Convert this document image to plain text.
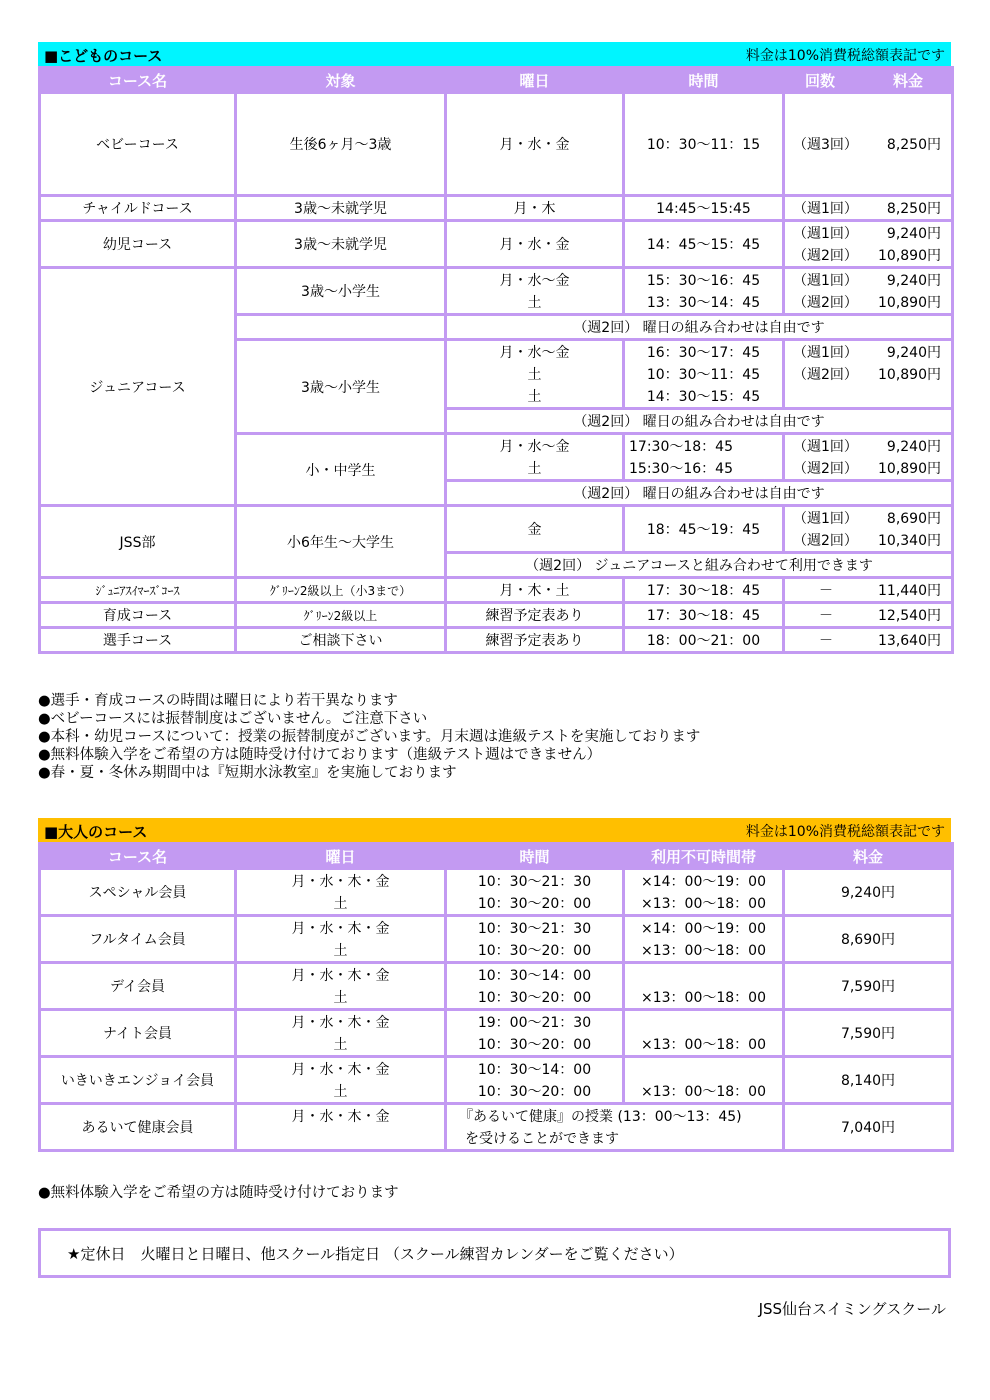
■こどものコース	料金は10%消費税総額表記です
コース名	対象	曜日	時間	回数 料金

ベビーコース	生後6ヶ月～3歳	月・水・金	10：30～11：15	（週3回） 8,250円

チャイルドコース	3歳～未就学児	月・木	14:45～15:45	（週1回） 8,250円

幼児コース	3歳～未就学児	月・水・金	14：45～15：45	（週1回） 9,240円

				（週2回） 10,890円

ジュニアコース	3歳～小学生	月・水～金	15：30～16：45	（週1回） 9,240円

		土	13：30～14：45	（週2回） 10,890円

		（週2回） 曜日の組み合わせは自由です		
	3歳～小学生	月・水～金	16：30～17：45	（週1回） 9,240円

		土	10：30～11：45	（週2回） 10,890円

		土	14：30～15：45	
		（週2回） 曜日の組み合わせは自由です		
	小・中学生	月・水～金	17:30～18：45	（週1回） 9,240円

		土	15:30～16：45	（週2回） 10,890円

		（週2回） 曜日の組み合わせは自由です		
JSS部	小6年生～大学生	金	18：45～19：45	（週1回） 8,690円

				（週2回） 10,340円

		（週2回） ジュニアコースと組み合わせて利用できます		
ｼﾞｭﾆｱｽｲﾏｰｽﾞｺｰｽ	ｸﾞﾘｰﾝ2級以上（小3まで）	月・木・土	17：30～18：45	－ 11,440円

育成コース	ｸﾞﾘｰﾝ2級以上	練習予定表あり	17：30～18：45	－ 12,540円

選手コース	ご相談下さい	練習予定表あり	18：00～21：00	－ 13,640円
●選手・育成コースの時間は曜日により若干異なります
●ベビーコースには振替制度はございません。ご注意下さい
●本科・幼児コースについて：授業の振替制度がございます。月末週は進級テストを実施しております
●無料体験入学をご希望の方は随時受け付けております（進級テスト週はできません）
●春・夏・冬休み期間中は『短期水泳教室』を実施しております
■大人のコース	料金は10%消費税総額表記です
コース名	曜日	時間	利用不可時間帯	料金
スペシャル会員	月・水・木・金	10：30～21：30	×14：00～19：00	9,240円
	土	10：30～20：00	×13：00～18：00	
フルタイム会員	月・水・木・金	10：30～21：30	×14：00～19：00	8,690円
	土	10：30～20：00	×13：00～18：00	
デイ会員	月・水・木・金	10：30～14：00		7,590円
	土	10：30～20：00	×13：00～18：00	
ナイト会員	月・水・木・金	19：00～21：30		7,590円
	土	10：30～20：00	×13：00～18：00	
いきいきエンジョイ会員	月・水・木・金	10：30～14：00		8,140円
	土	10：30～20：00	×13：00～18：00	
あるいて健康会員	月・水・木・金	『あるいて健康』の授業 (13：00～13：45)		7,040円
		を受けることができます		
●無料体験入学をご希望の方は随時受け付けております
★定休日　火曜日と日曜日、他スクール指定日 （スクール練習カレンダーをご覧ください）
JSS仙台スイミングスクール
